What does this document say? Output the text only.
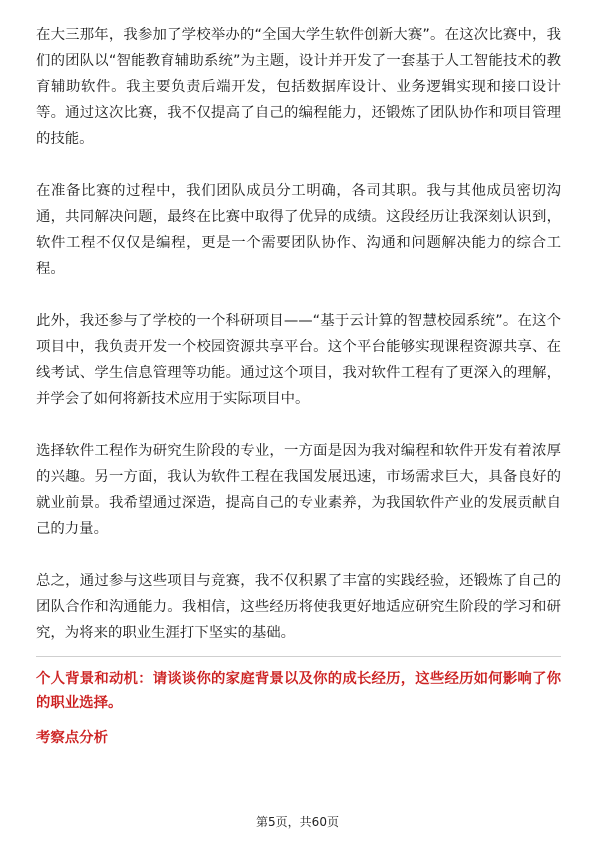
在大三那年，我参加了学校举办的“全国大学生软件创新大赛”。在这次比赛中，我们的团队以“智能教育辅助系统”为主题，设计并开发了一套基于人工智能技术的教育辅助软件。我主要负责后端开发，包括数据库设计、业务逻辑实现和接口设计等。通过这次比赛，我不仅提高了自己的编程能力，还锻炼了团队协作和项目管理的技能。

在准备比赛的过程中，我们团队成员分工明确，各司其职。我与其他成员密切沟通，共同解决问题，最终在比赛中取得了优异的成绩。这段经历让我深刻认识到，软件工程不仅仅是编程，更是一个需要团队协作、沟通和问题解决能力的综合工程。

此外，我还参与了学校的一个科研项目——“基于云计算的智慧校园系统”。在这个项目中，我负责开发一个校园资源共享平台。这个平台能够实现课程资源共享、在线考试、学生信息管理等功能。通过这个项目，我对软件工程有了更深入的理解，并学会了如何将新技术应用于实际项目中。

选择软件工程作为研究生阶段的专业，一方面是因为我对编程和软件开发有着浓厚的兴趣。另一方面，我认为软件工程在我国发展迅速，市场需求巨大，具备良好的就业前景。我希望通过深造，提高自己的专业素养，为我国软件产业的发展贡献自己的力量。

总之，通过参与这些项目与竞赛，我不仅积累了丰富的实践经验，还锻炼了自己的团队合作和沟通能力。我相信，这些经历将使我更好地适应研究生阶段的学习和研究，为将来的职业生涯打下坚实的基础。

个人背景和动机：请谈谈你的家庭背景以及你的成长经历，这些经历如何影响了你的职业选择。

考察点分析

第5页，共60页
